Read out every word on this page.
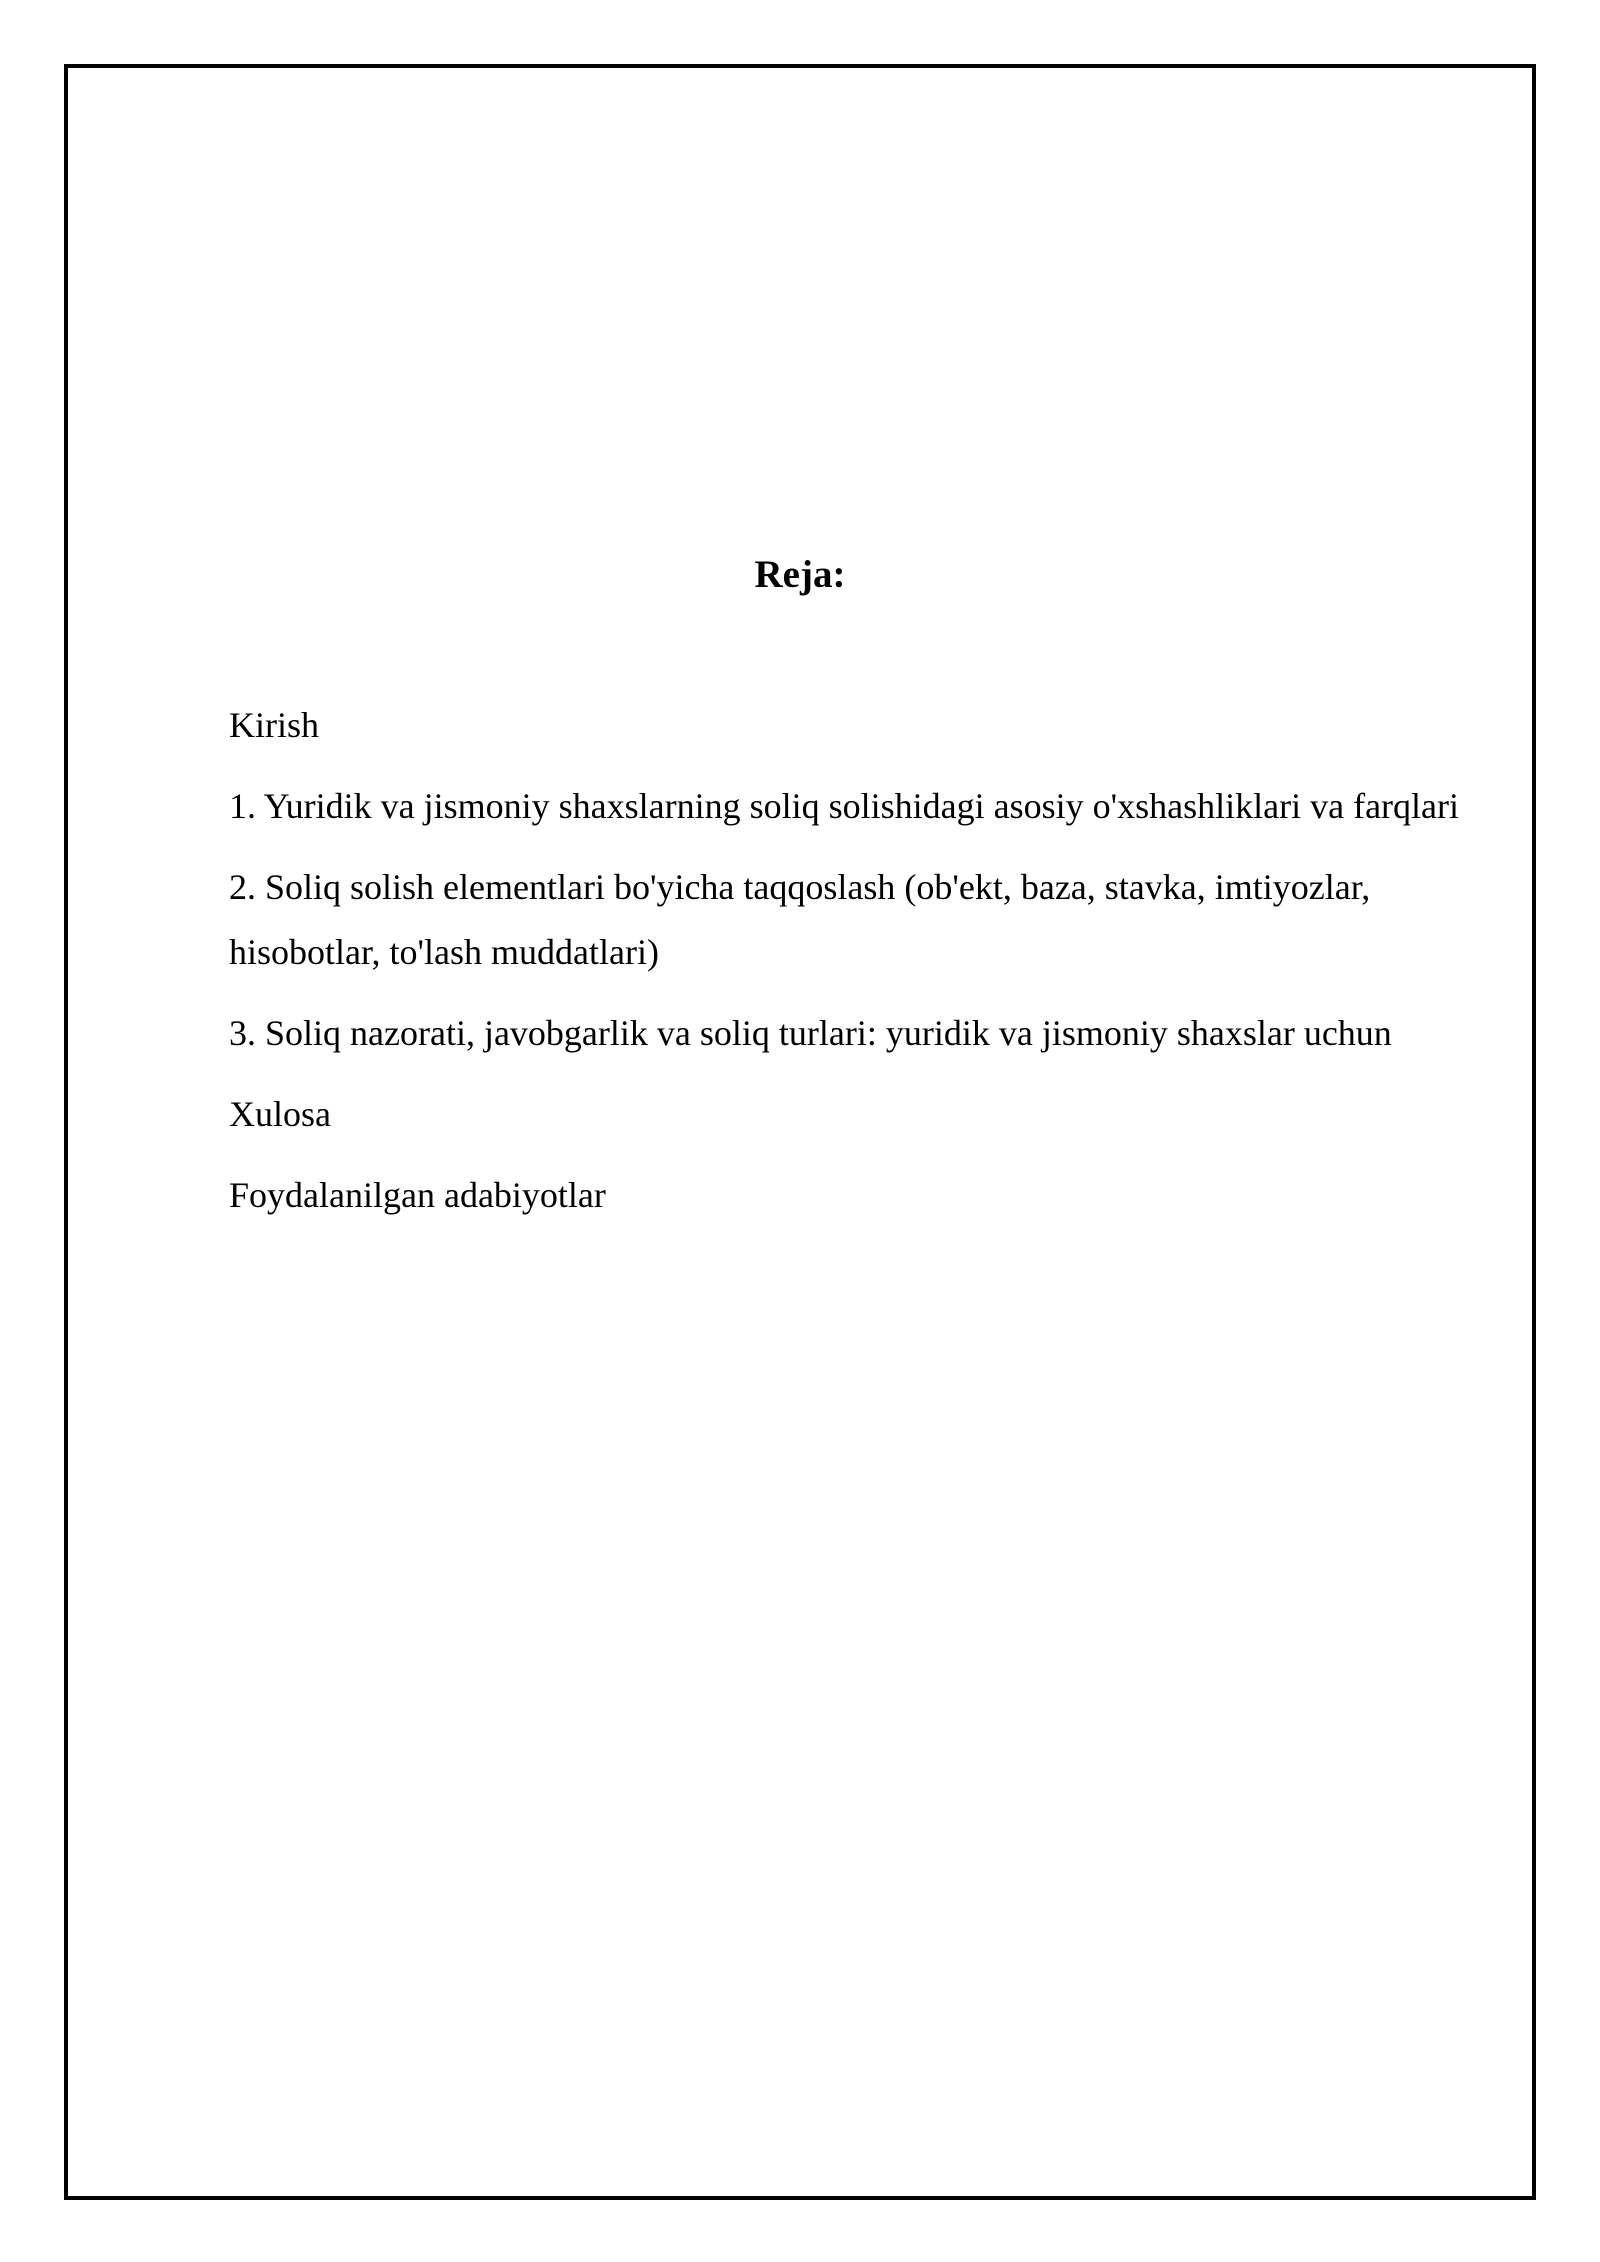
Reja:
Kirish
1. Yuridik va jismoniy shaxslarning soliq solishidagi asosiy o'xshashliklari va farqlari
2. Soliq solish elementlari bo'yicha taqqoslash (ob'ekt, baza, stavka, imtiyozlar, hisobotlar, to'lash muddatlari)
3. Soliq nazorati, javobgarlik va soliq turlari: yuridik va jismoniy shaxslar uchun
Xulosa
Foydalanilgan adabiyotlar
